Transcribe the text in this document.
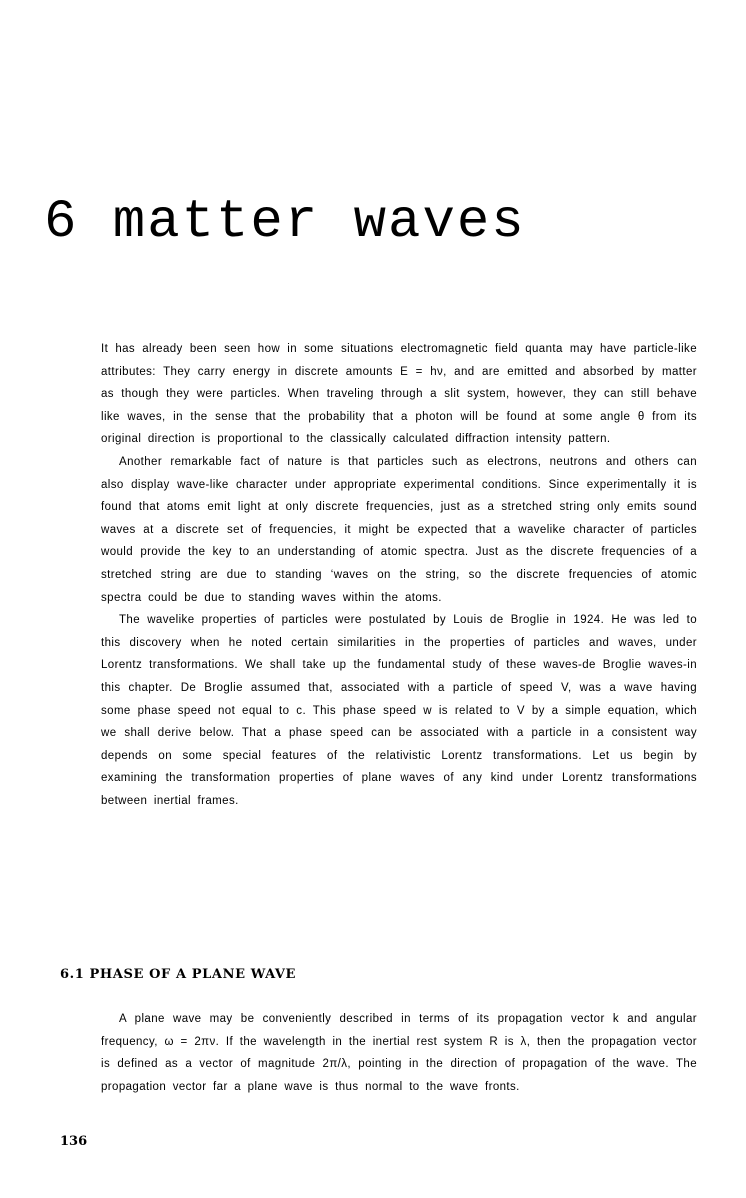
6 matter waves

It has already been seen how in some situations electromagnetic field quanta may have particle-like attributes: They carry energy in discrete amounts E = hν, and are emitted and absorbed by matter as though they were particles. When traveling through a slit system, however, they can still behave like waves, in the sense that the probability that a photon will be found at some angle θ from its original direction is proportional to the classically calculated diffraction intensity pattern.

Another remarkable fact of nature is that particles such as electrons, neutrons and others can also display wave-like character under appropriate experimental conditions. Since experimentally it is found that atoms emit light at only discrete frequencies, just as a stretched string only emits sound waves at a discrete set of frequencies, it might be expected that a wavelike character of particles would provide the key to an understanding of atomic spectra. Just as the discrete frequencies of a stretched string are due to standing ‘waves on the string, so the discrete frequencies of atomic spectra could be due to standing waves within the atoms.

The wavelike properties of particles were postulated by Louis de Broglie in 1924. He was led to this discovery when he noted certain similarities in the properties of particles and waves, under Lorentz transformations. We shall take up the fundamental study of these waves-de Broglie waves-in this chapter. De Broglie assumed that, associated with a particle of speed V, was a wave having some phase speed not equal to c. This phase speed w is related to V by a simple equation, which we shall derive below. That a phase speed can be associated with a particle in a consistent way depends on some special features of the relativistic Lorentz transformations. Let us begin by examining the transformation properties of plane waves of any kind under Lorentz transformations between inertial frames.

6.1 PHASE OF A PLANE WAVE

A plane wave may be conveniently described in terms of its propagation vector k and angular frequency, ω = 2πν. If the wavelength in the inertial rest system R is λ, then the propagation vector is defined as a vector of magnitude 2π/λ, pointing in the direction of propagation of the wave. The propagation vector far a plane wave is thus normal to the wave fronts.

136
